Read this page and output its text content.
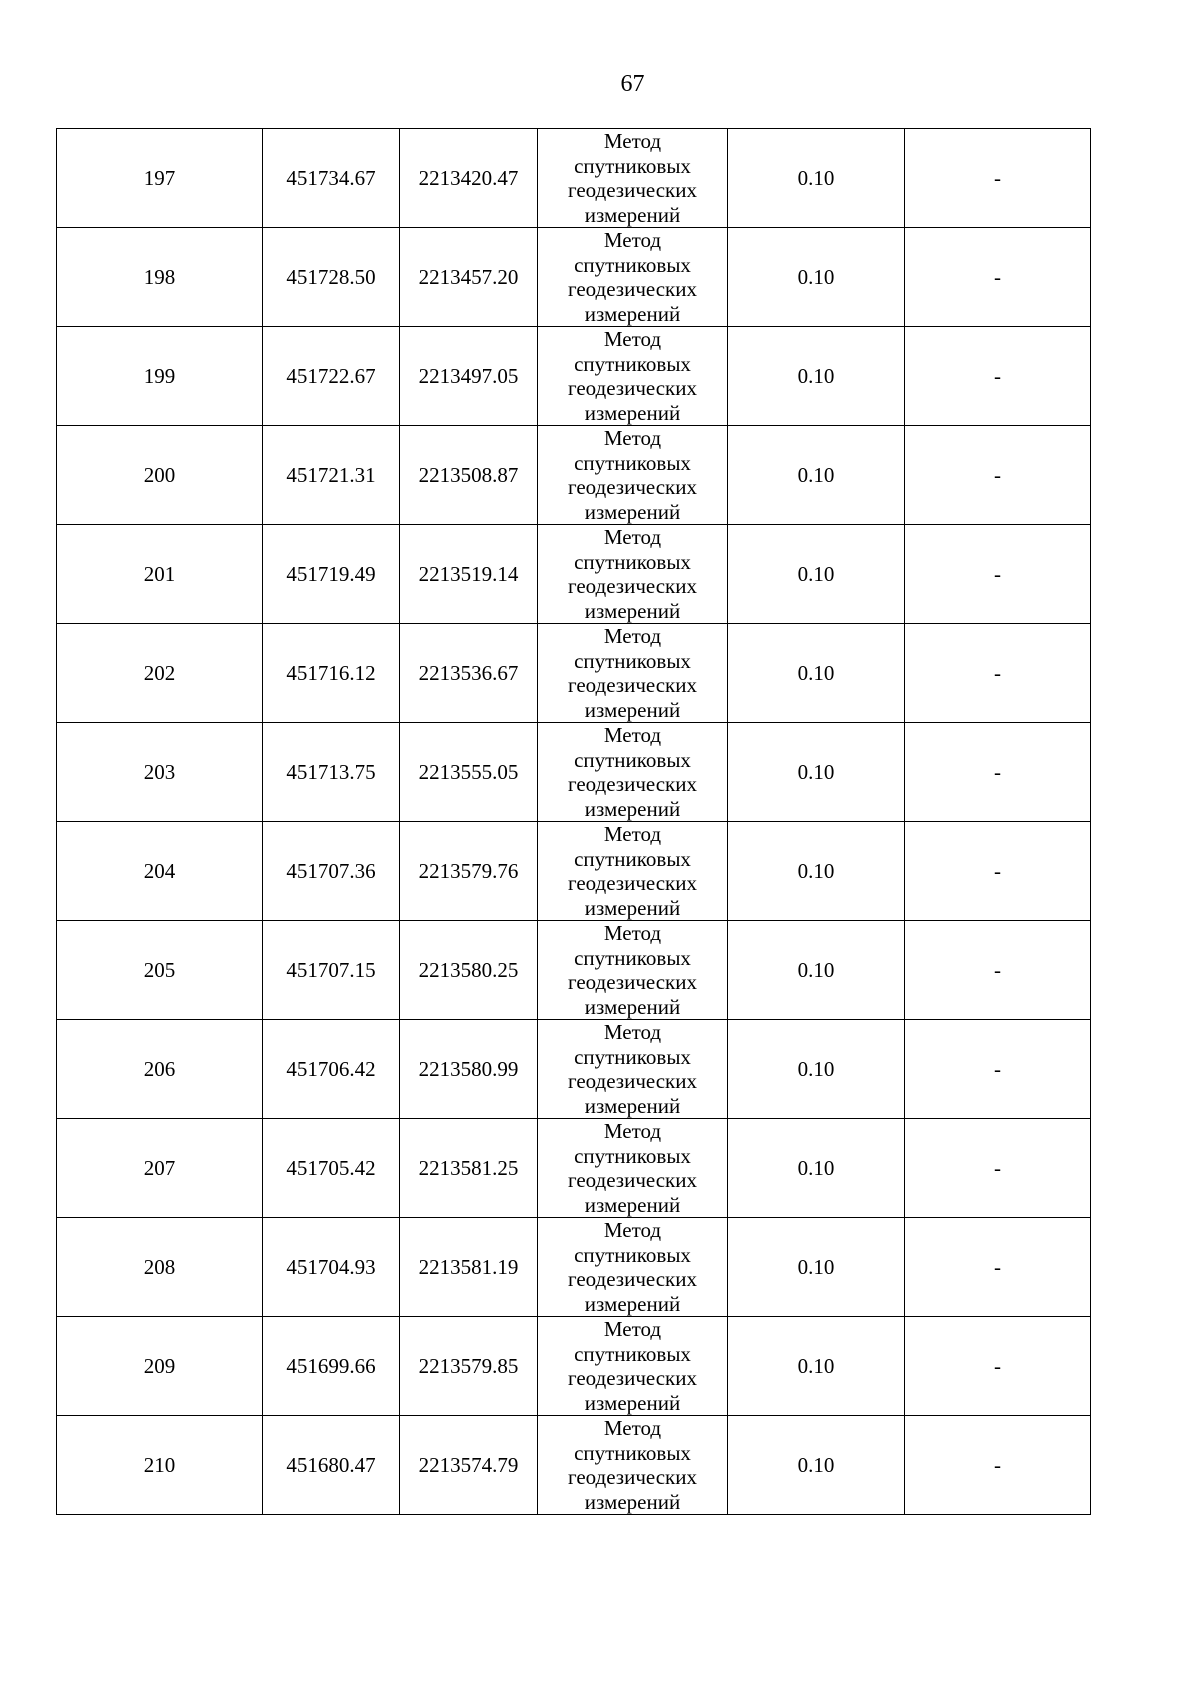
67
197	451734.67	2213420.47	Метод
спутниковых
геодезических
измерений	0.10	-
198	451728.50	2213457.20	Метод
спутниковых
геодезических
измерений	0.10	-
199	451722.67	2213497.05	Метод
спутниковых
геодезических
измерений	0.10	-
200	451721.31	2213508.87	Метод
спутниковых
геодезических
измерений	0.10	-
201	451719.49	2213519.14	Метод
спутниковых
геодезических
измерений	0.10	-
202	451716.12	2213536.67	Метод
спутниковых
геодезических
измерений	0.10	-
203	451713.75	2213555.05	Метод
спутниковых
геодезических
измерений	0.10	-
204	451707.36	2213579.76	Метод
спутниковых
геодезических
измерений	0.10	-
205	451707.15	2213580.25	Метод
спутниковых
геодезических
измерений	0.10	-
206	451706.42	2213580.99	Метод
спутниковых
геодезических
измерений	0.10	-
207	451705.42	2213581.25	Метод
спутниковых
геодезических
измерений	0.10	-
208	451704.93	2213581.19	Метод
спутниковых
геодезических
измерений	0.10	-
209	451699.66	2213579.85	Метод
спутниковых
геодезических
измерений	0.10	-
210	451680.47	2213574.79	Метод
спутниковых
геодезических
измерений	0.10	-
